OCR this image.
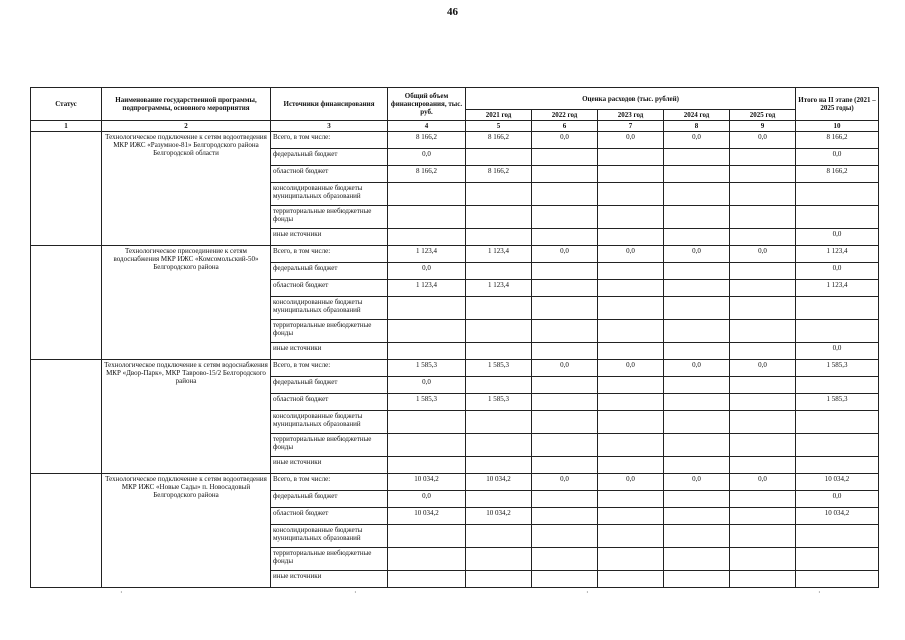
46
Статус	Наименование государственной программы, подпрограммы, основного мероприятия	Источники финансирования	Общий объем финансирования, тыс. руб.	Оценка расходов (тыс. рублей)					Итого на II этапе (2021 – 2025 годы)
				2021 год	2022 год	2023 год	2024 год	2025 год	
1	2	3	4	5	6	7	8	9	10
	Технологическое подключение к сетям водоотведения МКР ИЖС «Разумное-81» Белгородского района Белгородской области	Всего, в том числе:	8 166,2	8 166,2	0,0	0,0	0,0	0,0	8 166,2
		федеральный бюджет	0,0						0,0
		областной бюджет	8 166,2	8 166,2					8 166,2
		консолидированные бюджеты муниципальных образований							
		территориальные внебюджетные фонды							
		иные источники							0,0
	Технологическое присоединение к сетям водоснабжения МКР ИЖС «Комсомольский-50» Белгородского района	Всего, в том числе:	1 123,4	1 123,4	0,0	0,0	0,0	0,0	1 123,4
		федеральный бюджет	0,0						0,0
		областной бюджет	1 123,4	1 123,4					1 123,4
		консолидированные бюджеты муниципальных образований							
		территориальные внебюджетные фонды							
		иные источники							0,0
	Технологическое подключение к сетям водоснабжения МКР «Двор-Парк», МКР Таврово-15/2 Белгородского района	Всего, в том числе:	1 585,3	1 585,3	0,0	0,0	0,0	0,0	1 585,3
		федеральный бюджет	0,0						
		областной бюджет	1 585,3	1 585,3					1 585,3
		консолидированные бюджеты муниципальных образований							
		территориальные внебюджетные фонды							
		иные источники							
	Технологическое подключение к сетям водоотведения МКР ИЖС «Новые Сады» п. Новосадовый Белгородского района	Всего, в том числе:	10 034,2	10 034,2	0,0	0,0	0,0	0,0	10 034,2
		федеральный бюджет	0,0						0,0
		областной бюджет	10 034,2	10 034,2					10 034,2
		консолидированные бюджеты муниципальных образований							
		территориальные внебюджетные фонды							
		иные источники							
·	·	·	·
